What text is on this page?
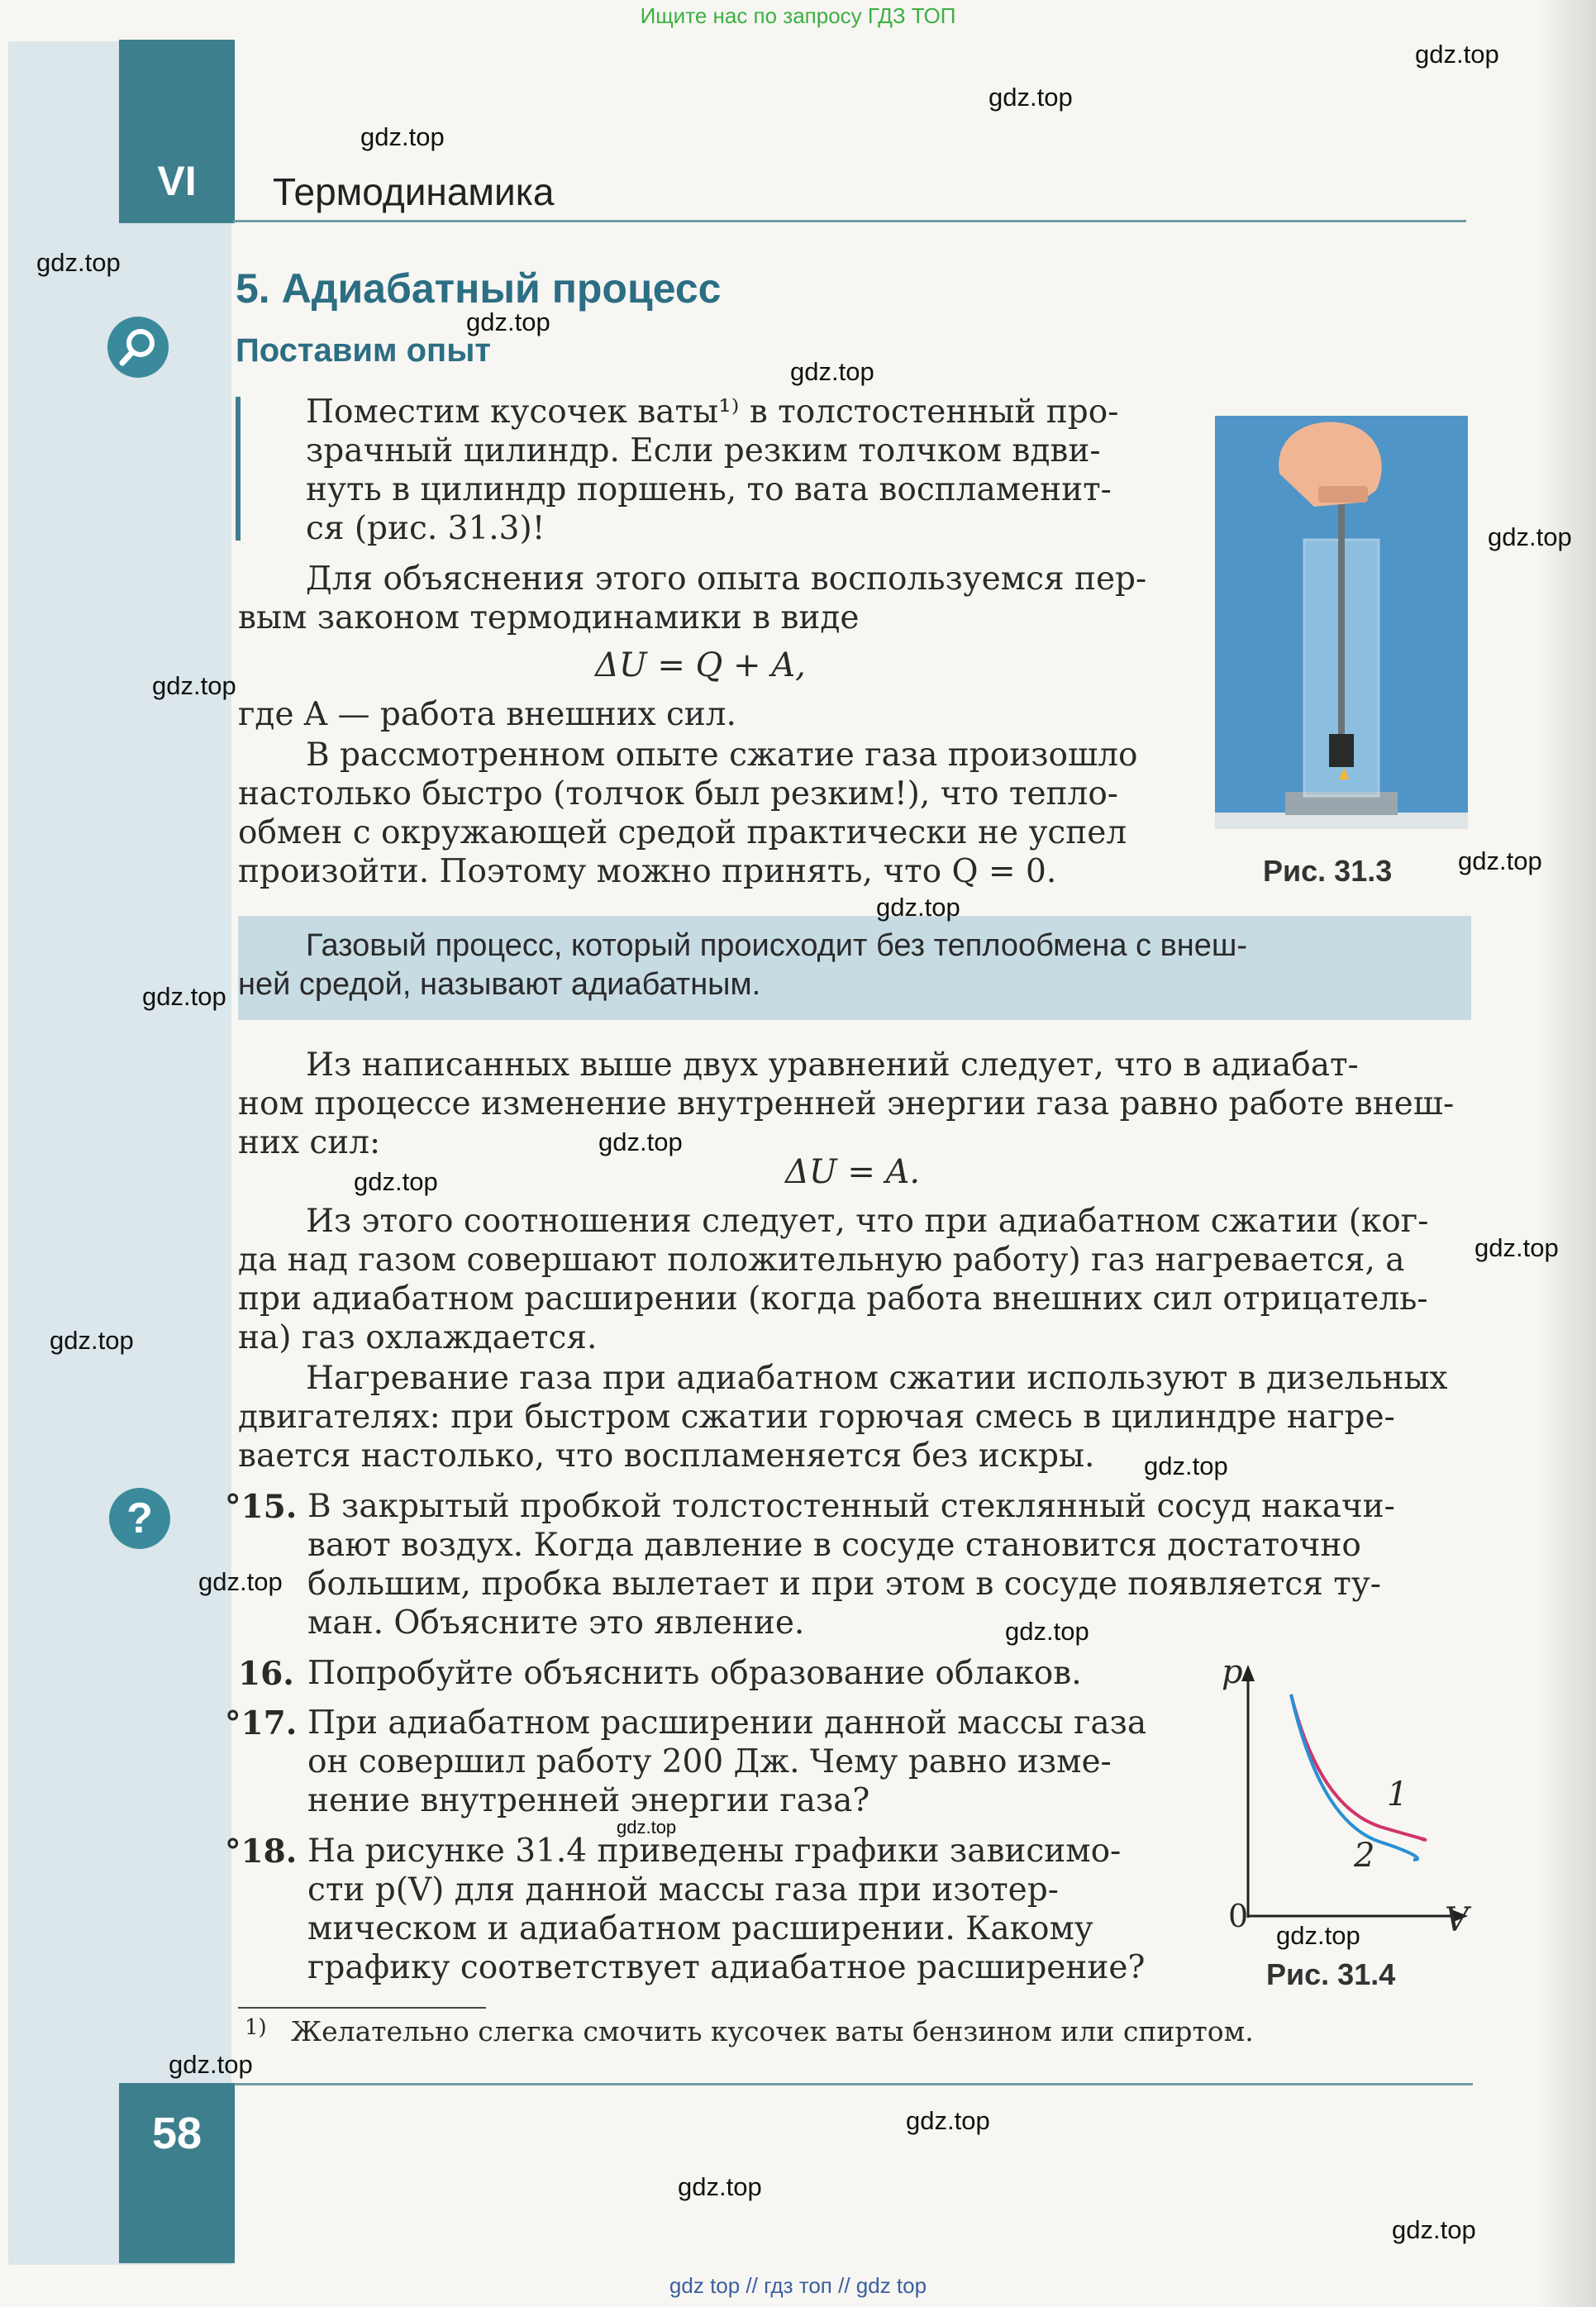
Ищите нас по запросу ГДЗ ТОП
VI	Термодинамика
5. Адиабатный процесс
Поставим опыт
Поместим кусочек ваты¹⁾ в толстостенный про-
зрачный цилиндр. Если резким толчком вдви-
нуть в цилиндр поршень, то вата воспламенит-
ся (рис. 31.3)!
Для объяснения этого опыта воспользуемся пер-
вым законом термодинамики в виде
ΔU = Q + A,
где A — работа внешних сил.
В рассмотренном опыте сжатие газа произошло
настолько быстро (толчок был резким!), что тепло-
обмен с окружающей средой практически не успел
произойти. Поэтому можно принять, что Q = 0.	Рис. 31.3
Газовый процесс, который происходит без теплообмена с внеш-
ней средой, называют адиабатным.
Из написанных выше двух уравнений следует, что в адиабат-
ном процессе изменение внутренней энергии газа равно работе внеш-
них сил:
ΔU = A.
Из этого соотношения следует, что при адиабатном сжатии (ког-
да над газом совершают положительную работу) газ нагревается, а
при адиабатном расширении (когда работа внешних сил отрицатель-
на) газ охлаждается.
Нагревание газа при адиабатном сжатии используют в дизельных
двигателях: при быстром сжатии горючая смесь в цилиндре нагре-
вается настолько, что воспламеняется без искры.
?	°15. В закрытый пробкой толстостенный стеклянный сосуд накачи-
вают воздух. Когда давление в сосуде становится достаточно
большим, пробка вылетает и при этом в сосуде появляется ту-
ман. Объясните это явление.
16. Попробуйте объяснить образование облаков.
°17. При адиабатном расширении данной массы газа
он совершил работу 200 Дж. Чему равно изме-
нение внутренней энергии газа?
°18. На рисунке 31.4 приведены графики зависимо-
сти p(V) для данной массы газа при изотер-
мическом и адиабатном расширении. Какому
графику соответствует адиабатное расширение?
p
V
0
1
2
Рис. 31.4
1) Желательно слегка смочить кусочек ваты бензином или спиртом.
58
gdz.top
gdz.top
gdz.top
gdz.top
gdz.top
gdz.top
gdz.top
gdz.top
gdz.top
gdz.top
gdz.top
gdz.top
gdz.top
gdz.top
gdz.top
gdz.top
gdz.top
gdz.top
gdz.top
gdz.top
gdz.top
gdz.top
gdz.top
gdz.top
gdz top // гдз топ // gdz top
